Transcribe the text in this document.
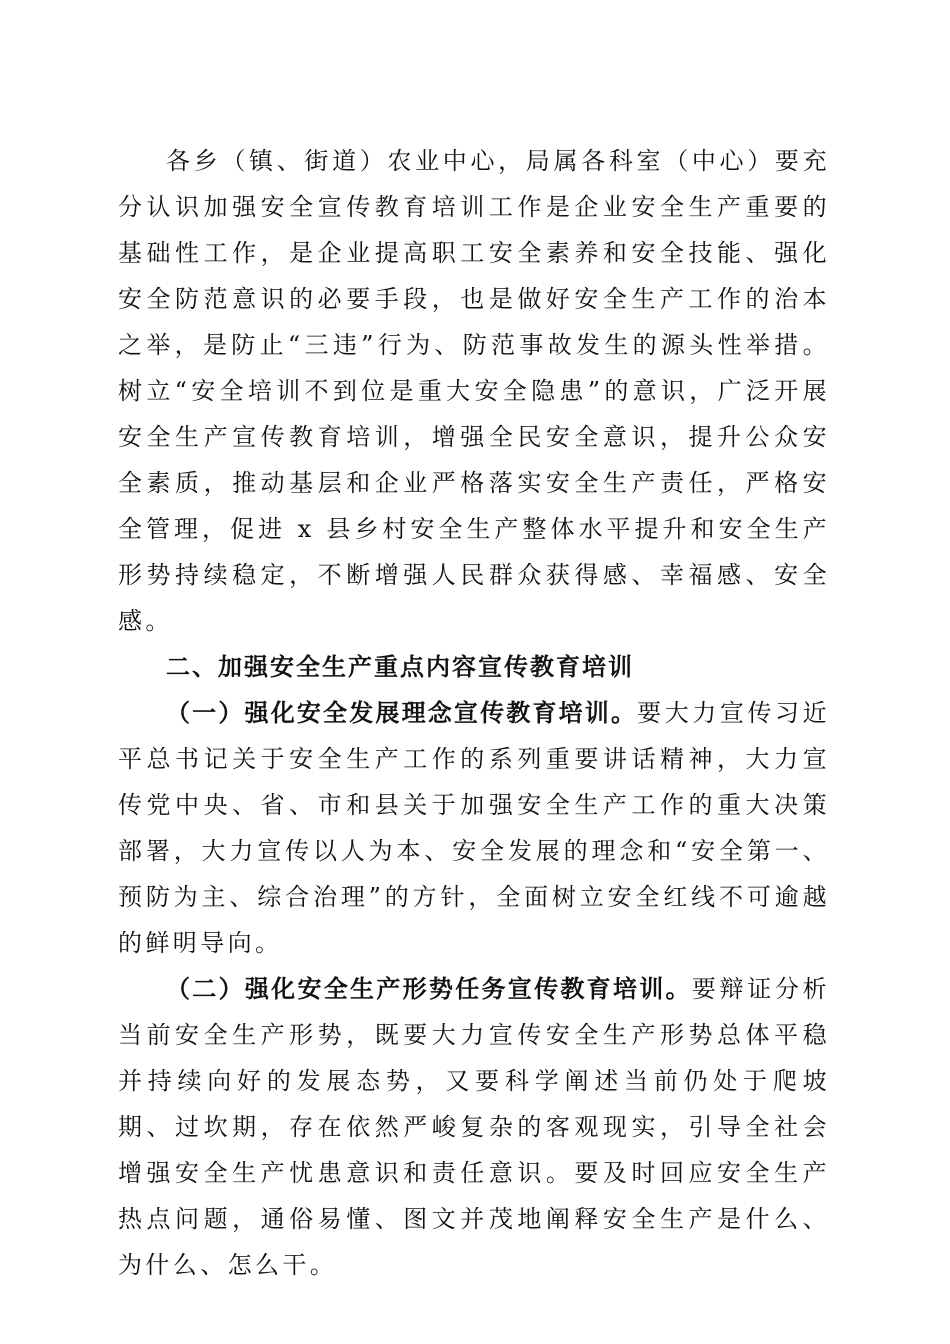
各乡（镇、街道）农业中心，局属各科室（中心）要充分认识加强安全宣传教育培训工作是企业安全生产重要的基础性工作，是企业提高职工安全素养和安全技能、强化安全防范意识的必要手段，也是做好安全生产工作的治本之举，是防止“三违”行为、防范事故发生的源头性举措。树立“安全培训不到位是重大安全隐患”的意识，广泛开展安全生产宣传教育培训，增强全民安全意识，提升公众安全素质，推动基层和企业严格落实安全生产责任，严格安全管理，促进 x 县乡村安全生产整体水平提升和安全生产形势持续稳定，不断增强人民群众获得感、幸福感、安全感。

二、加强安全生产重点内容宣传教育培训

（一）强化安全发展理念宣传教育培训。要大力宣传习近平总书记关于安全生产工作的系列重要讲话精神，大力宣传党中央、省、市和县关于加强安全生产工作的重大决策部署，大力宣传以人为本、安全发展的理念和“安全第一、预防为主、综合治理”的方针，全面树立安全红线不可逾越的鲜明导向。

（二）强化安全生产形势任务宣传教育培训。要辩证分析当前安全生产形势，既要大力宣传安全生产形势总体平稳并持续向好的发展态势，又要科学阐述当前仍处于爬坡期、过坎期，存在依然严峻复杂的客观现实，引导全社会增强安全生产忧患意识和责任意识。要及时回应安全生产热点问题，通俗易懂、图文并茂地阐释安全生产是什么、为什么、怎么干。
